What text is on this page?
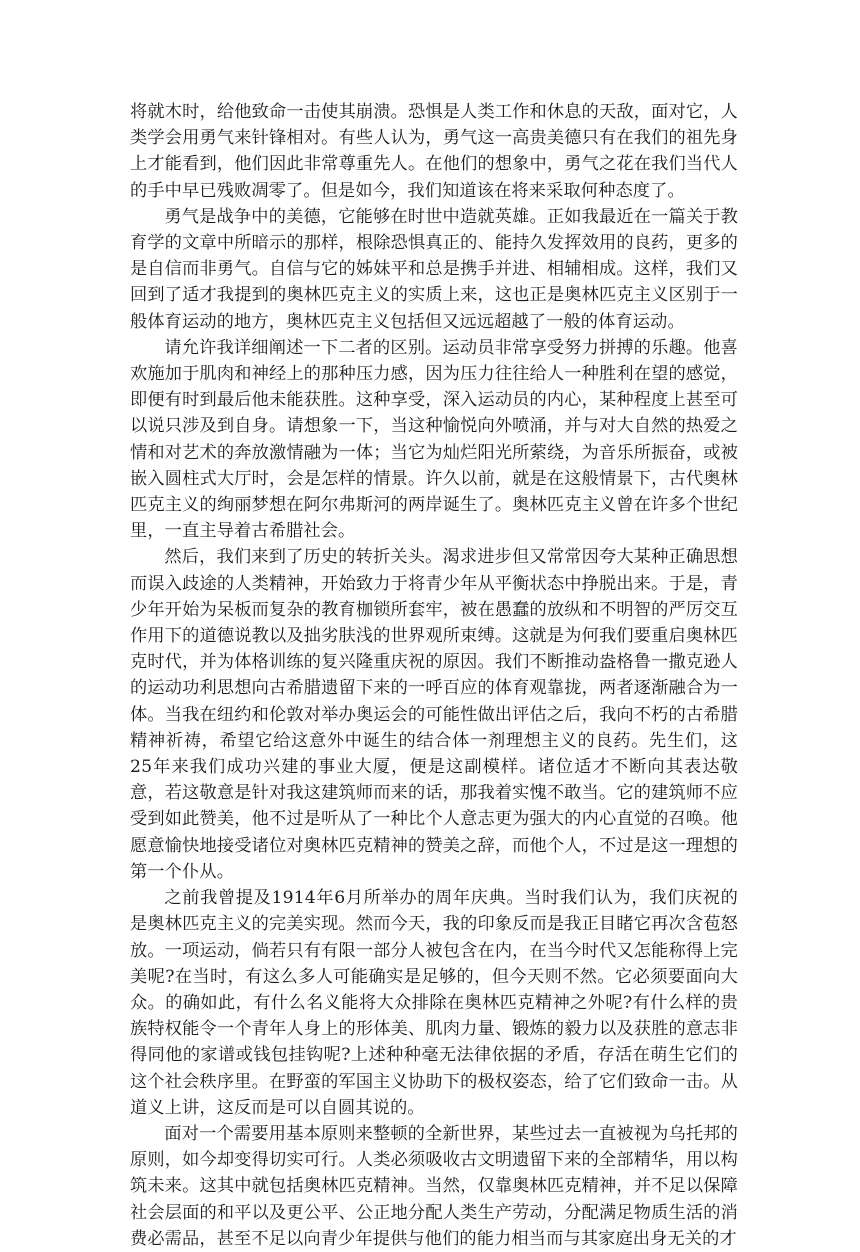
将就木时，给他致命一击使其崩溃。恐惧是人类工作和休息的天敌，面对它，人类学会用勇气来针锋相对。有些人认为，勇气这一高贵美德只有在我们的祖先身上才能看到，他们因此非常尊重先人。在他们的想象中，勇气之花在我们当代人的手中早已残败凋零了。但是如今，我们知道该在将来采取何种态度了。

勇气是战争中的美德，它能够在时世中造就英雄。正如我最近在一篇关于教育学的文章中所暗示的那样，根除恐惧真正的、能持久发挥效用的良药，更多的是自信而非勇气。自信与它的姊妹平和总是携手并进、相辅相成。这样，我们又回到了适才我提到的奥林匹克主义的实质上来，这也正是奥林匹克主义区别于一般体育运动的地方，奥林匹克主义包括但又远远超越了一般的体育运动。

请允许我详细阐述一下二者的区别。运动员非常享受努力拼搏的乐趣。他喜欢施加于肌肉和神经上的那种压力感，因为压力往往给人一种胜利在望的感觉，即便有时到最后他未能获胜。这种享受，深入运动员的内心，某种程度上甚至可以说只涉及到自身。请想象一下，当这种愉悦向外喷涌，并与对大自然的热爱之情和对艺术的奔放激情融为一体；当它为灿烂阳光所萦绕，为音乐所振奋，或被嵌入圆柱式大厅时，会是怎样的情景。许久以前，就是在这般情景下，古代奥林匹克主义的绚丽梦想在阿尔弗斯河的两岸诞生了。奥林匹克主义曾在许多个世纪里，一直主导着古希腊社会。

然后，我们来到了历史的转折关头。渴求进步但又常常因夸大某种正确思想而误入歧途的人类精神，开始致力于将青少年从平衡状态中挣脱出来。于是，青少年开始为呆板而复杂的教育枷锁所套牢，被在愚蠢的放纵和不明智的严厉交互作用下的道德说教以及拙劣肤浅的世界观所束缚。这就是为何我们要重启奥林匹克时代，并为体格训练的复兴隆重庆祝的原因。我们不断推动盎格鲁一撒克逊人的运动功利思想向古希腊遗留下来的一呼百应的体育观靠拢，两者逐渐融合为一体。当我在纽约和伦敦对举办奥运会的可能性做出评估之后，我向不朽的古希腊精神祈祷，希望它给这意外中诞生的结合体一剂理想主义的良药。先生们，这25年来我们成功兴建的事业大厦，便是这副模样。诸位适才不断向其表达敬意，若这敬意是针对我这建筑师而来的话，那我着实愧不敢当。它的建筑师不应受到如此赞美，他不过是听从了一种比个人意志更为强大的内心直觉的召唤。他愿意愉快地接受诸位对奥林匹克精神的赞美之辞，而他个人，不过是这一理想的第一个仆从。

之前我曾提及1914年6月所举办的周年庆典。当时我们认为，我们庆祝的是奥林匹克主义的完美实现。然而今天，我的印象反而是我正目睹它再次含苞怒放。一项运动，倘若只有有限一部分人被包含在内，在当今时代又怎能称得上完美呢?在当时，有这么多人可能确实是足够的，但今天则不然。它必须要面向大众。的确如此，有什么名义能将大众排除在奥林匹克精神之外呢?有什么样的贵族特权能令一个青年人身上的形体美、肌肉力量、锻炼的毅力以及获胜的意志非得同他的家谱或钱包挂钩呢?上述种种毫无法律依据的矛盾，存活在萌生它们的这个社会秩序里。在野蛮的军国主义协助下的极权姿态，给了它们致命一击。从道义上讲，这反而是可以自圆其说的。

面对一个需要用基本原则来整顿的全新世界，某些过去一直被视为乌托邦的原则，如今却变得切实可行。人类必须吸收古文明遗留下来的全部精华，用以构筑未来。这其中就包括奥林匹克精神。当然，仅靠奥林匹克精神，并不足以保障社会层面的和平以及更公平、公正地分配人类生产劳动，分配满足物质生活的消费必需品，甚至不足以向青少年提供与他们的能力相当而与其家庭出身无关的才
